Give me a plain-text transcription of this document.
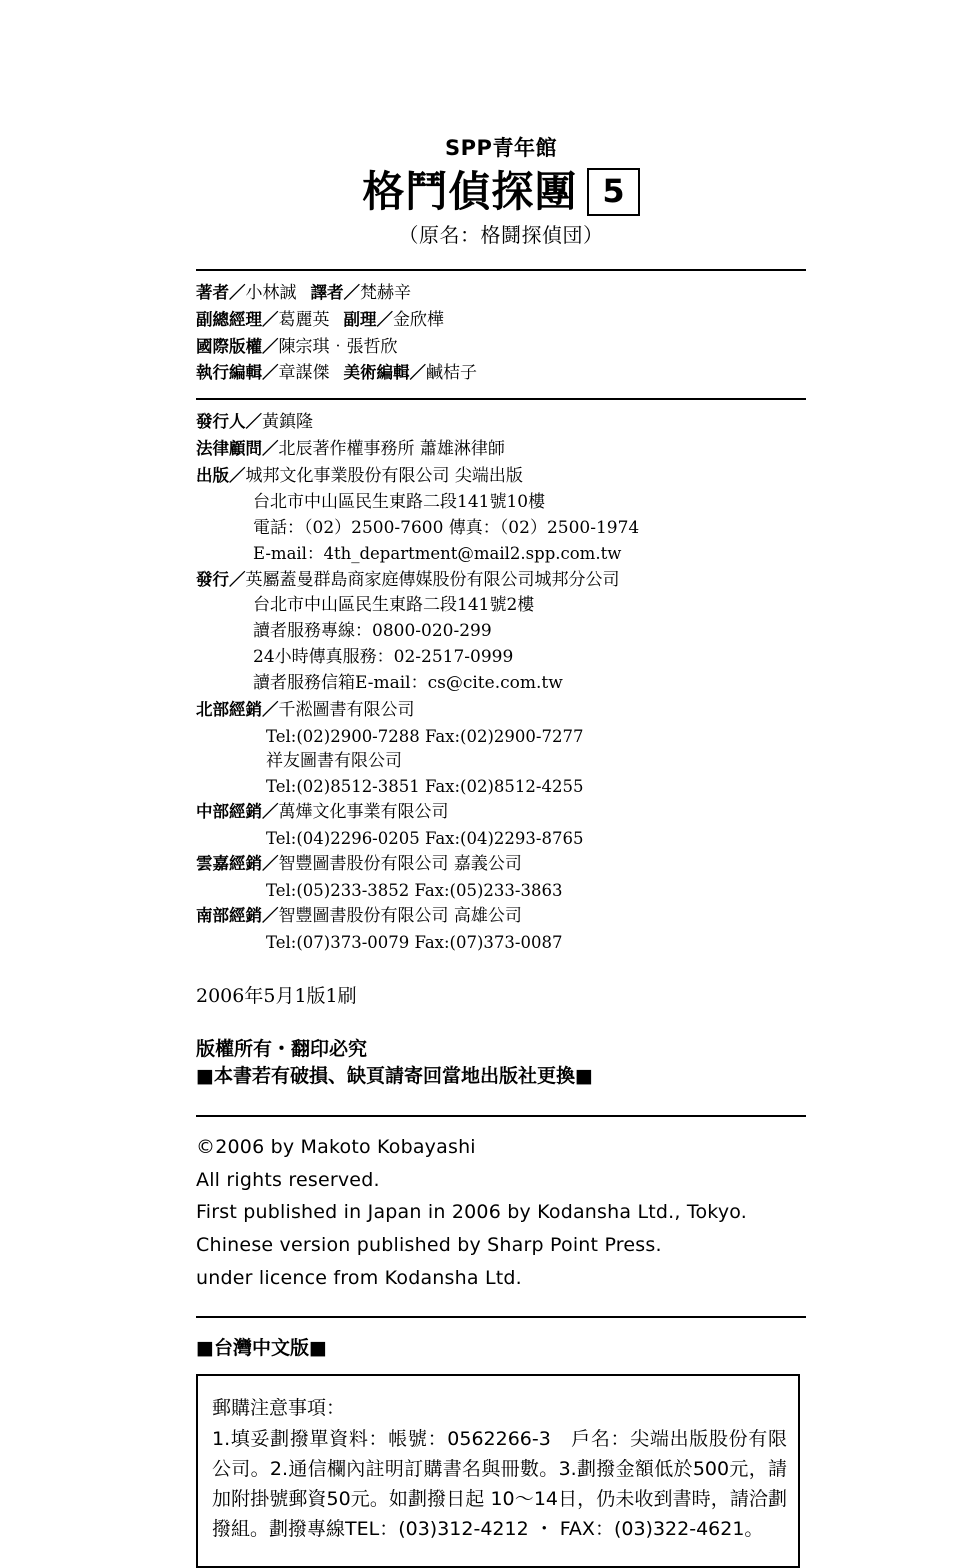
SPP青年館
格鬥偵探團 5
（原名：格鬪探偵団）
著者／小林誠 譯者／梵赫辛
副總經理／葛麗英 副理／金欣樺
國際版權／陳宗琪‧張哲欣
執行編輯／章謀傑 美術編輯／鹹桔子
發行人／黃鎮隆
法律顧問／北辰著作權事務所 蕭雄淋律師
出版／城邦文化事業股份有限公司 尖端出版
台北市中山區民生東路二段141號10樓
電話：（02）2500-7600 傳真：（02）2500-1974
E-mail：4th_department@mail2.spp.com.tw
發行／英屬蓋曼群島商家庭傳媒股份有限公司城邦分公司
台北市中山區民生東路二段141號2樓
讀者服務專線：0800-020-299
24小時傳真服務：02-2517-0999
讀者服務信箱E-mail：cs@cite.com.tw
北部經銷／千淞圖書有限公司
Tel:(02)2900-7288 Fax:(02)2900-7277
祥友圖書有限公司
Tel:(02)8512-3851 Fax:(02)8512-4255
中部經銷／萬燁文化事業有限公司
Tel:(04)2296-0205 Fax:(04)2293-8765
雲嘉經銷／智豐圖書股份有限公司 嘉義公司
Tel:(05)233-3852 Fax:(05)233-3863
南部經銷／智豐圖書股份有限公司 高雄公司
Tel:(07)373-0079 Fax:(07)373-0087
2006年5月1版1刷
版權所有・翻印必究
■本書若有破損、缺頁請寄回當地出版社更換■
©2006 by Makoto Kobayashi
All rights reserved.
First published in Japan in 2006 by Kodansha Ltd., Tokyo.
Chinese version published by Sharp Point Press.
under licence from Kodansha Ltd.
■台灣中文版■
郵購注意事項：
1.填妥劃撥單資料：帳號：0562266-3　戶名：尖端出版股份有限公司。2.通信欄內註明訂購書名與冊數。3.劃撥金額低於500元，請加附掛號郵資50元。如劃撥日起 10～14日，仍未收到書時，請洽劃撥組。劃撥專線TEL：(03)312-4212 ・ FAX：(03)322-4621。
